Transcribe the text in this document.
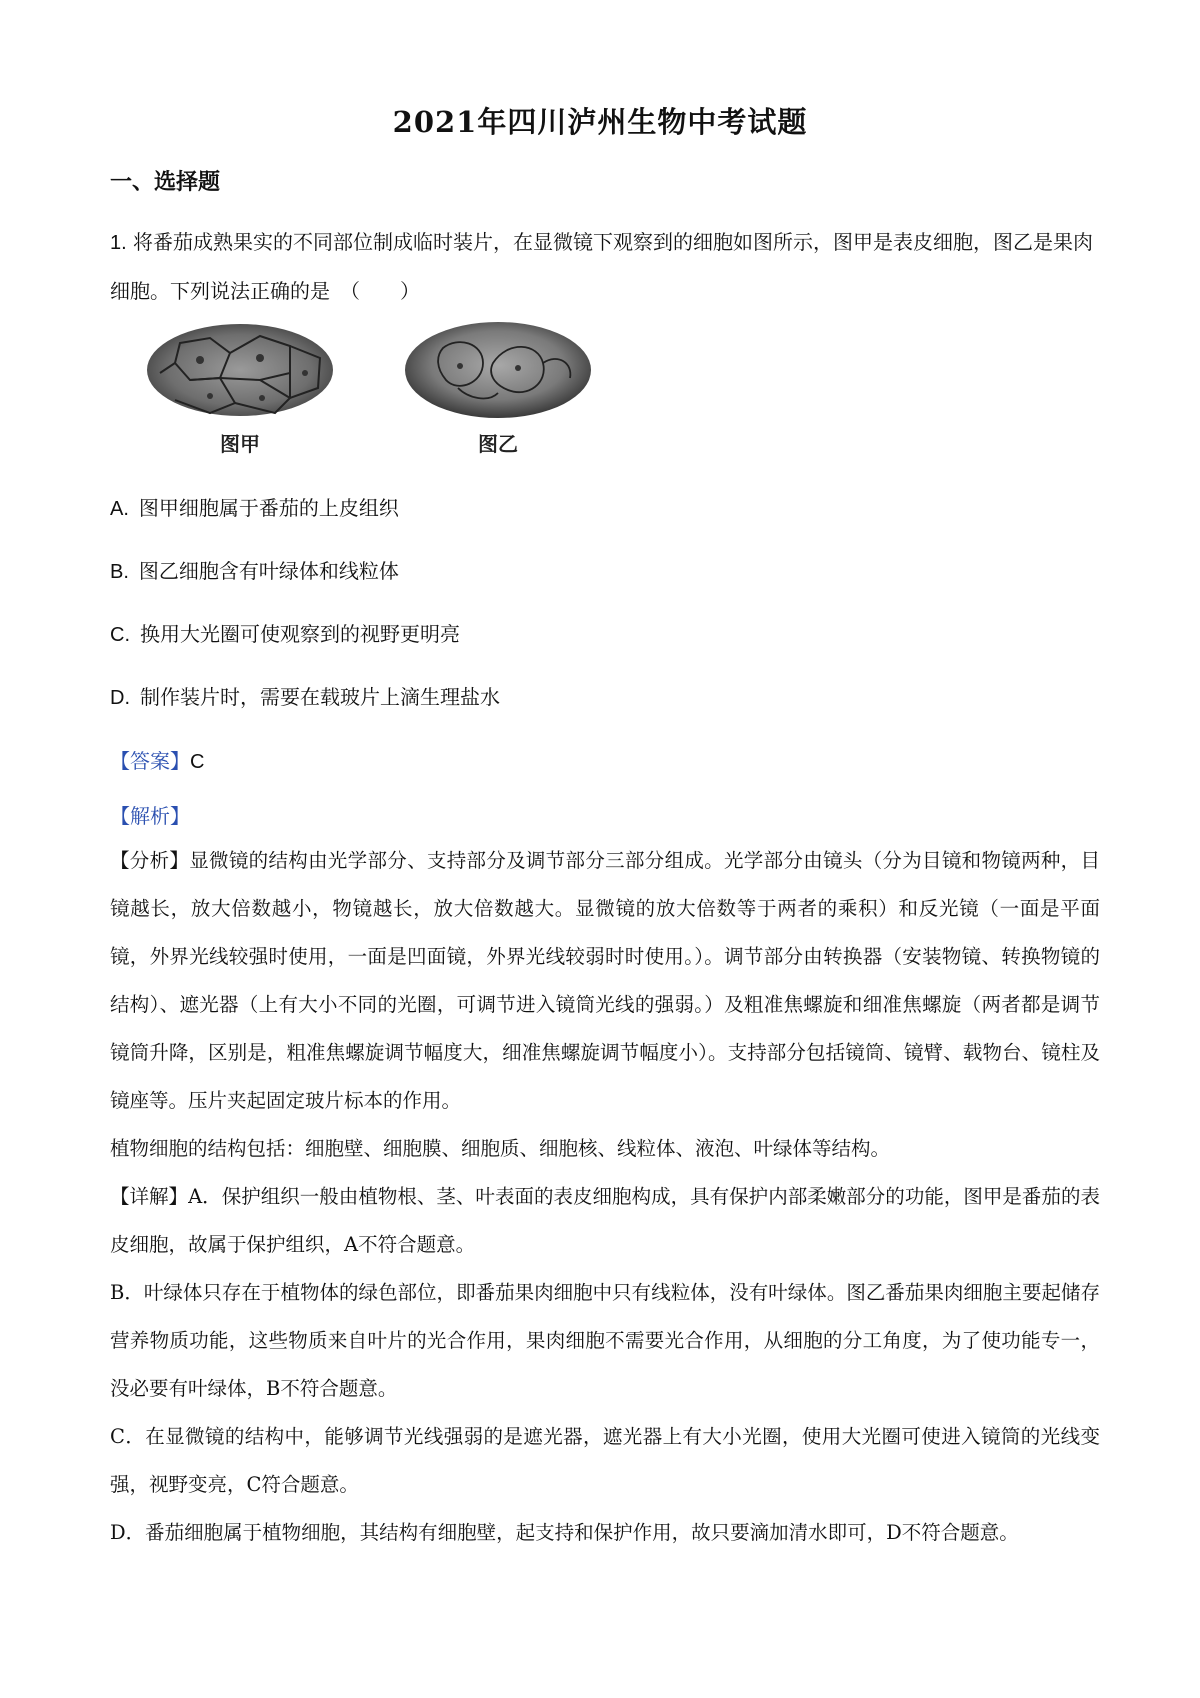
2021年四川泸州生物中考试题
一、选择题
1. 将番茄成熟果实的不同部位制成临时装片，在显微镜下观察到的细胞如图所示，图甲是表皮细胞，图乙是果肉细胞。下列说法正确的是　（　　）
图甲	图乙
A. 图甲细胞属于番茄的上皮组织
B. 图乙细胞含有叶绿体和线粒体
C. 换用大光圈可使观察到的视野更明亮
D. 制作装片时，需要在载玻片上滴生理盐水
【答案】C
【解析】
【分析】显微镜的结构由光学部分、支持部分及调节部分三部分组成。光学部分由镜头（分为目镜和物镜两种，目镜越长，放大倍数越小，物镜越长，放大倍数越大。显微镜的放大倍数等于两者的乘积）和反光镜（一面是平面镜，外界光线较强时使用，一面是凹面镜，外界光线较弱时时使用。）。调节部分由转换器（安装物镜、转换物镜的结构）、遮光器（上有大小不同的光圈，可调节进入镜筒光线的强弱。）及粗准焦螺旋和细准焦螺旋（两者都是调节镜筒升降，区别是，粗准焦螺旋调节幅度大，细准焦螺旋调节幅度小）。支持部分包括镜筒、镜臂、载物台、镜柱及镜座等。压片夹起固定玻片标本的作用。
植物细胞的结构包括：细胞壁、细胞膜、细胞质、细胞核、线粒体、液泡、叶绿体等结构。
【详解】A．保护组织一般由植物根、茎、叶表面的表皮细胞构成，具有保护内部柔嫩部分的功能，图甲是番茄的表皮细胞，故属于保护组织，A不符合题意。
B．叶绿体只存在于植物体的绿色部位，即番茄果肉细胞中只有线粒体，没有叶绿体。图乙番茄果肉细胞主要起储存营养物质功能，这些物质来自叶片的光合作用，果肉细胞不需要光合作用，从细胞的分工角度，为了使功能专一，没必要有叶绿体，B不符合题意。
C．在显微镜的结构中，能够调节光线强弱的是遮光器，遮光器上有大小光圈，使用大光圈可使进入镜筒的光线变强，视野变亮，C符合题意。
D．番茄细胞属于植物细胞，其结构有细胞壁，起支持和保护作用，故只要滴加清水即可，D不符合题意。
